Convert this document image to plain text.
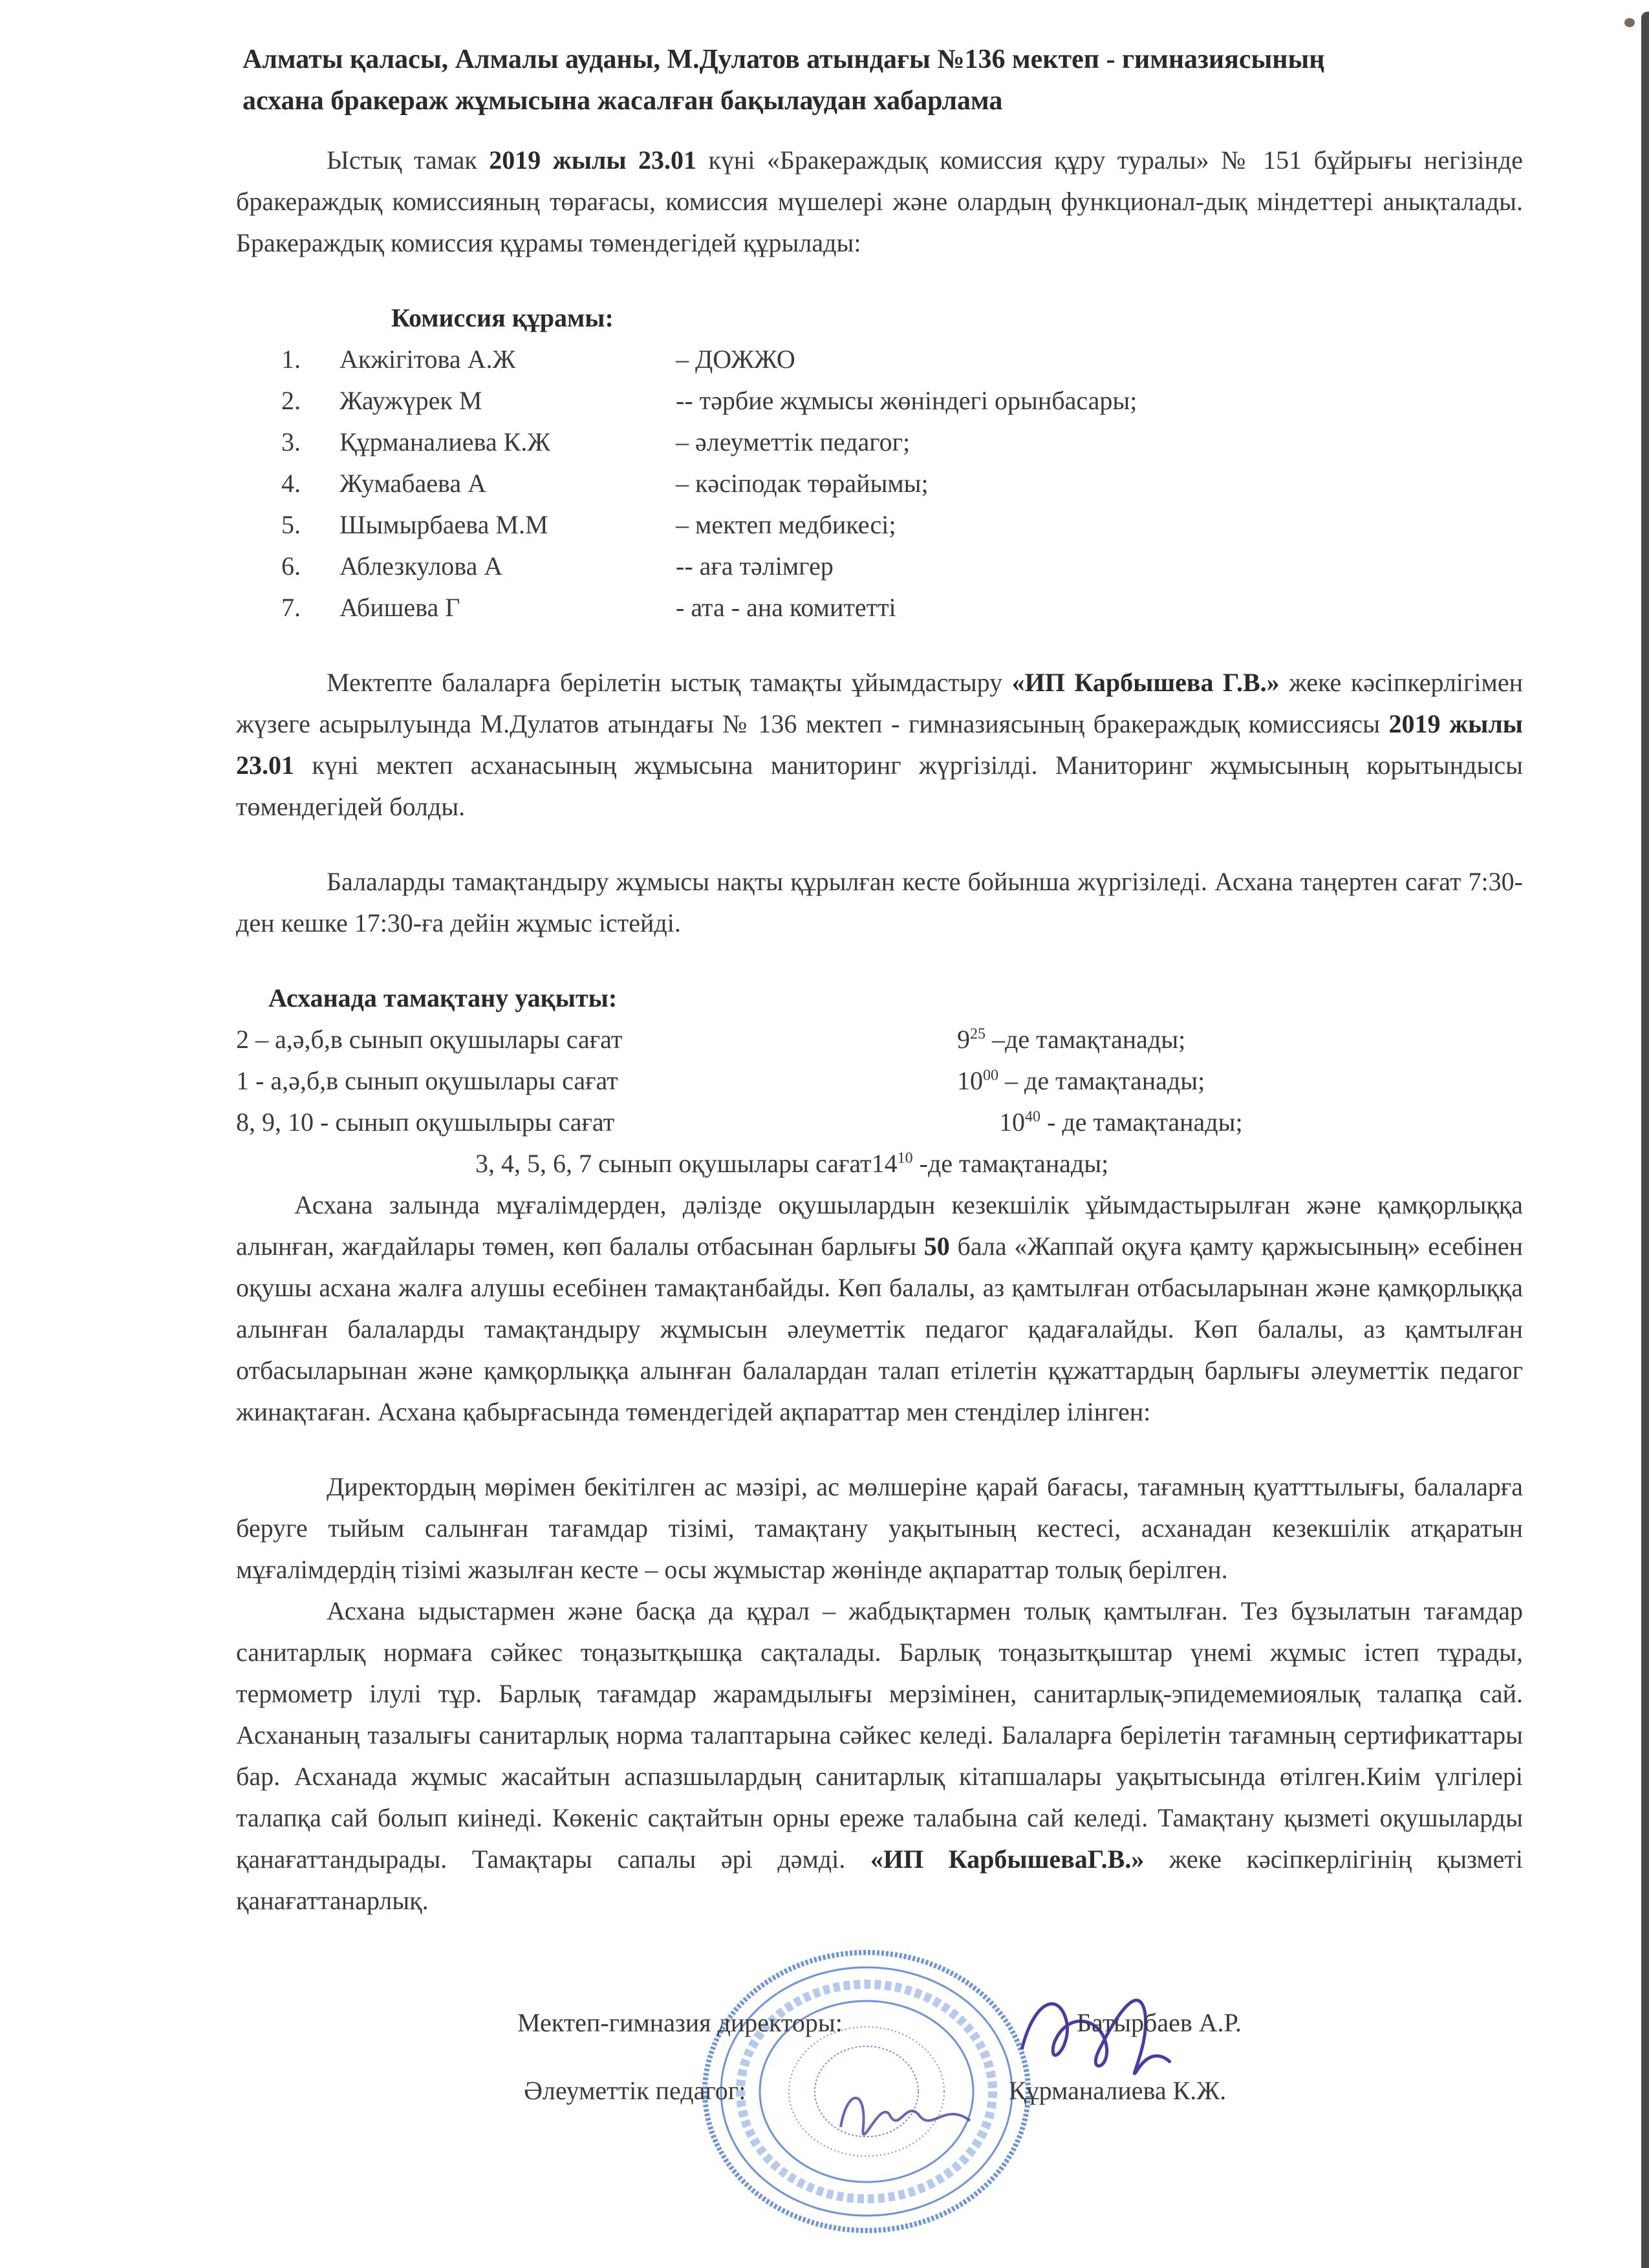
Алматы қаласы, Алмалы ауданы, М.Дулатов атындағы №136 мектеп - гимназиясының
асхана бракераж жұмысына жасалған бақылаудан хабарлама
Ыстық тамак 2019 жылы 23.01 күні «Бракераждық комиссия құру туралы» № 151 бұйрығы негізінде бракераждық комиссияның төрағасы, комиссия мүшелері және олардың функционал-дық міндеттері анықталады. Бракераждық комиссия құрамы төмендегідей құрылады:
Комиссия құрамы:
1.	Акжігітова А.Ж	– ДОЖЖО
2.	Жаужүрек М	-- тәрбие жұмысы жөніндегі орынбасары;
3.	Құрманалиева К.Ж	– әлеуметтік педагог;
4.	Жумабаева А	– кәсіподак төрайымы;
5.	Шымырбаева М.М	– мектеп медбикесі;
6.	Аблезкулова А	-- аға тәлімгер
7.	Абишева Г	- ата - ана комитетті
Мектепте балаларға берілетін ыстық тамақты ұйымдастыру «ИП Карбышева Г.В.» жеке кәсіпкерлігімен жүзеге асырылуында М.Дулатов атындағы № 136 мектеп - гимназиясының бракераждық комиссиясы 2019 жылы 23.01 күні мектеп асханасының жұмысына маниторинг жүргізілді. Маниторинг жұмысының корытындысы төмендегідей болды.
Балаларды тамақтандыру жұмысы нақты құрылған кесте бойынша жүргізіледі. Асхана таңертен сағат 7:30-ден кешке 17:30-ға дейін жұмыс істейді.
Асханада тамақтану уақыты:
2 – а,ә,б,в сынып оқушылары сағат	$9^{25}$ –де тамақтанады;
1 - а,ә,б,в сынып оқушылары сағат	$10^{00}$ – де тамақтанады;
8, 9, 10 - сынып оқушылыры сағат	$10^{40}$ - де тамақтанады;
3, 4, 5, 6, 7 сынып оқушылары сағат $14^{10}$ -де тамақтанады;
Асхана залында мұғалімдерден, дәлізде оқушылардын кезекшілік ұйымдастырылған және қамқорлыққа алынған, жағдайлары төмен, көп балалы отбасынан барлығы 50 бала «Жаппай оқуға қамту қаржысының» есебінен оқушы асхана жалға алушы есебінен тамақтанбайды. Көп балалы, аз қамтылған отбасыларынан және қамқорлыққа алынған балаларды тамақтандыру жұмысын әлеуметтік педагог қадағалайды. Көп балалы, аз қамтылған отбасыларынан және қамқорлыққа алынған балалардан талап етілетін құжаттардың барлығы әлеуметтік педагог жинақтаған. Асхана қабырғасында төмендегідей ақпараттар мен стенділер ілінген:
Директордың мөрімен бекітілген ас мәзірі, ас мөлшеріне қарай бағасы, тағамның қуатттылығы, балаларға беруге тыйым салынған тағамдар тізімі, тамақтану уақытының кестесі, асханадан кезекшілік атқаратын мұғалімдердің тізімі жазылған кесте – осы жұмыстар жөнінде ақпараттар толық берілген.
Асхана ыдыстармен және басқа да құрал – жабдықтармен толық қамтылған. Тез бұзылатын тағамдар санитарлық нормаға сәйкес тоңазытқышқа сақталады. Барлық тоңазытқыштар үнемі жұмыс істеп тұрады, термометр ілулі тұр. Барлық тағамдар жарамдылығы мерзімінен, санитарлық-эпидемемиоялық талапқа сай. Асхананың тазалығы санитарлық норма талаптарына сәйкес келеді. Балаларға берілетін тағамның сертификаттары бар. Асханада жұмыс жасайтын аспазшылардың санитарлық кітапшалары уақытысында өтілген.Киім үлгілері талапқа сай болып киінеді. Көкеніс сақтайтын орны ереже талабына сай келеді. Тамақтану қызметі оқушыларды қанағаттандырады. Тамақтары сапалы әрі дәмді. «ИП КарбышеваГ.В.» жеке кәсіпкерлігінің қызметі қанағаттанарлық.
Мектеп-гимназия директоры:	Батырбаев А.Р.
Әлеуметтік педагог:	Құрманалиева К.Ж.
